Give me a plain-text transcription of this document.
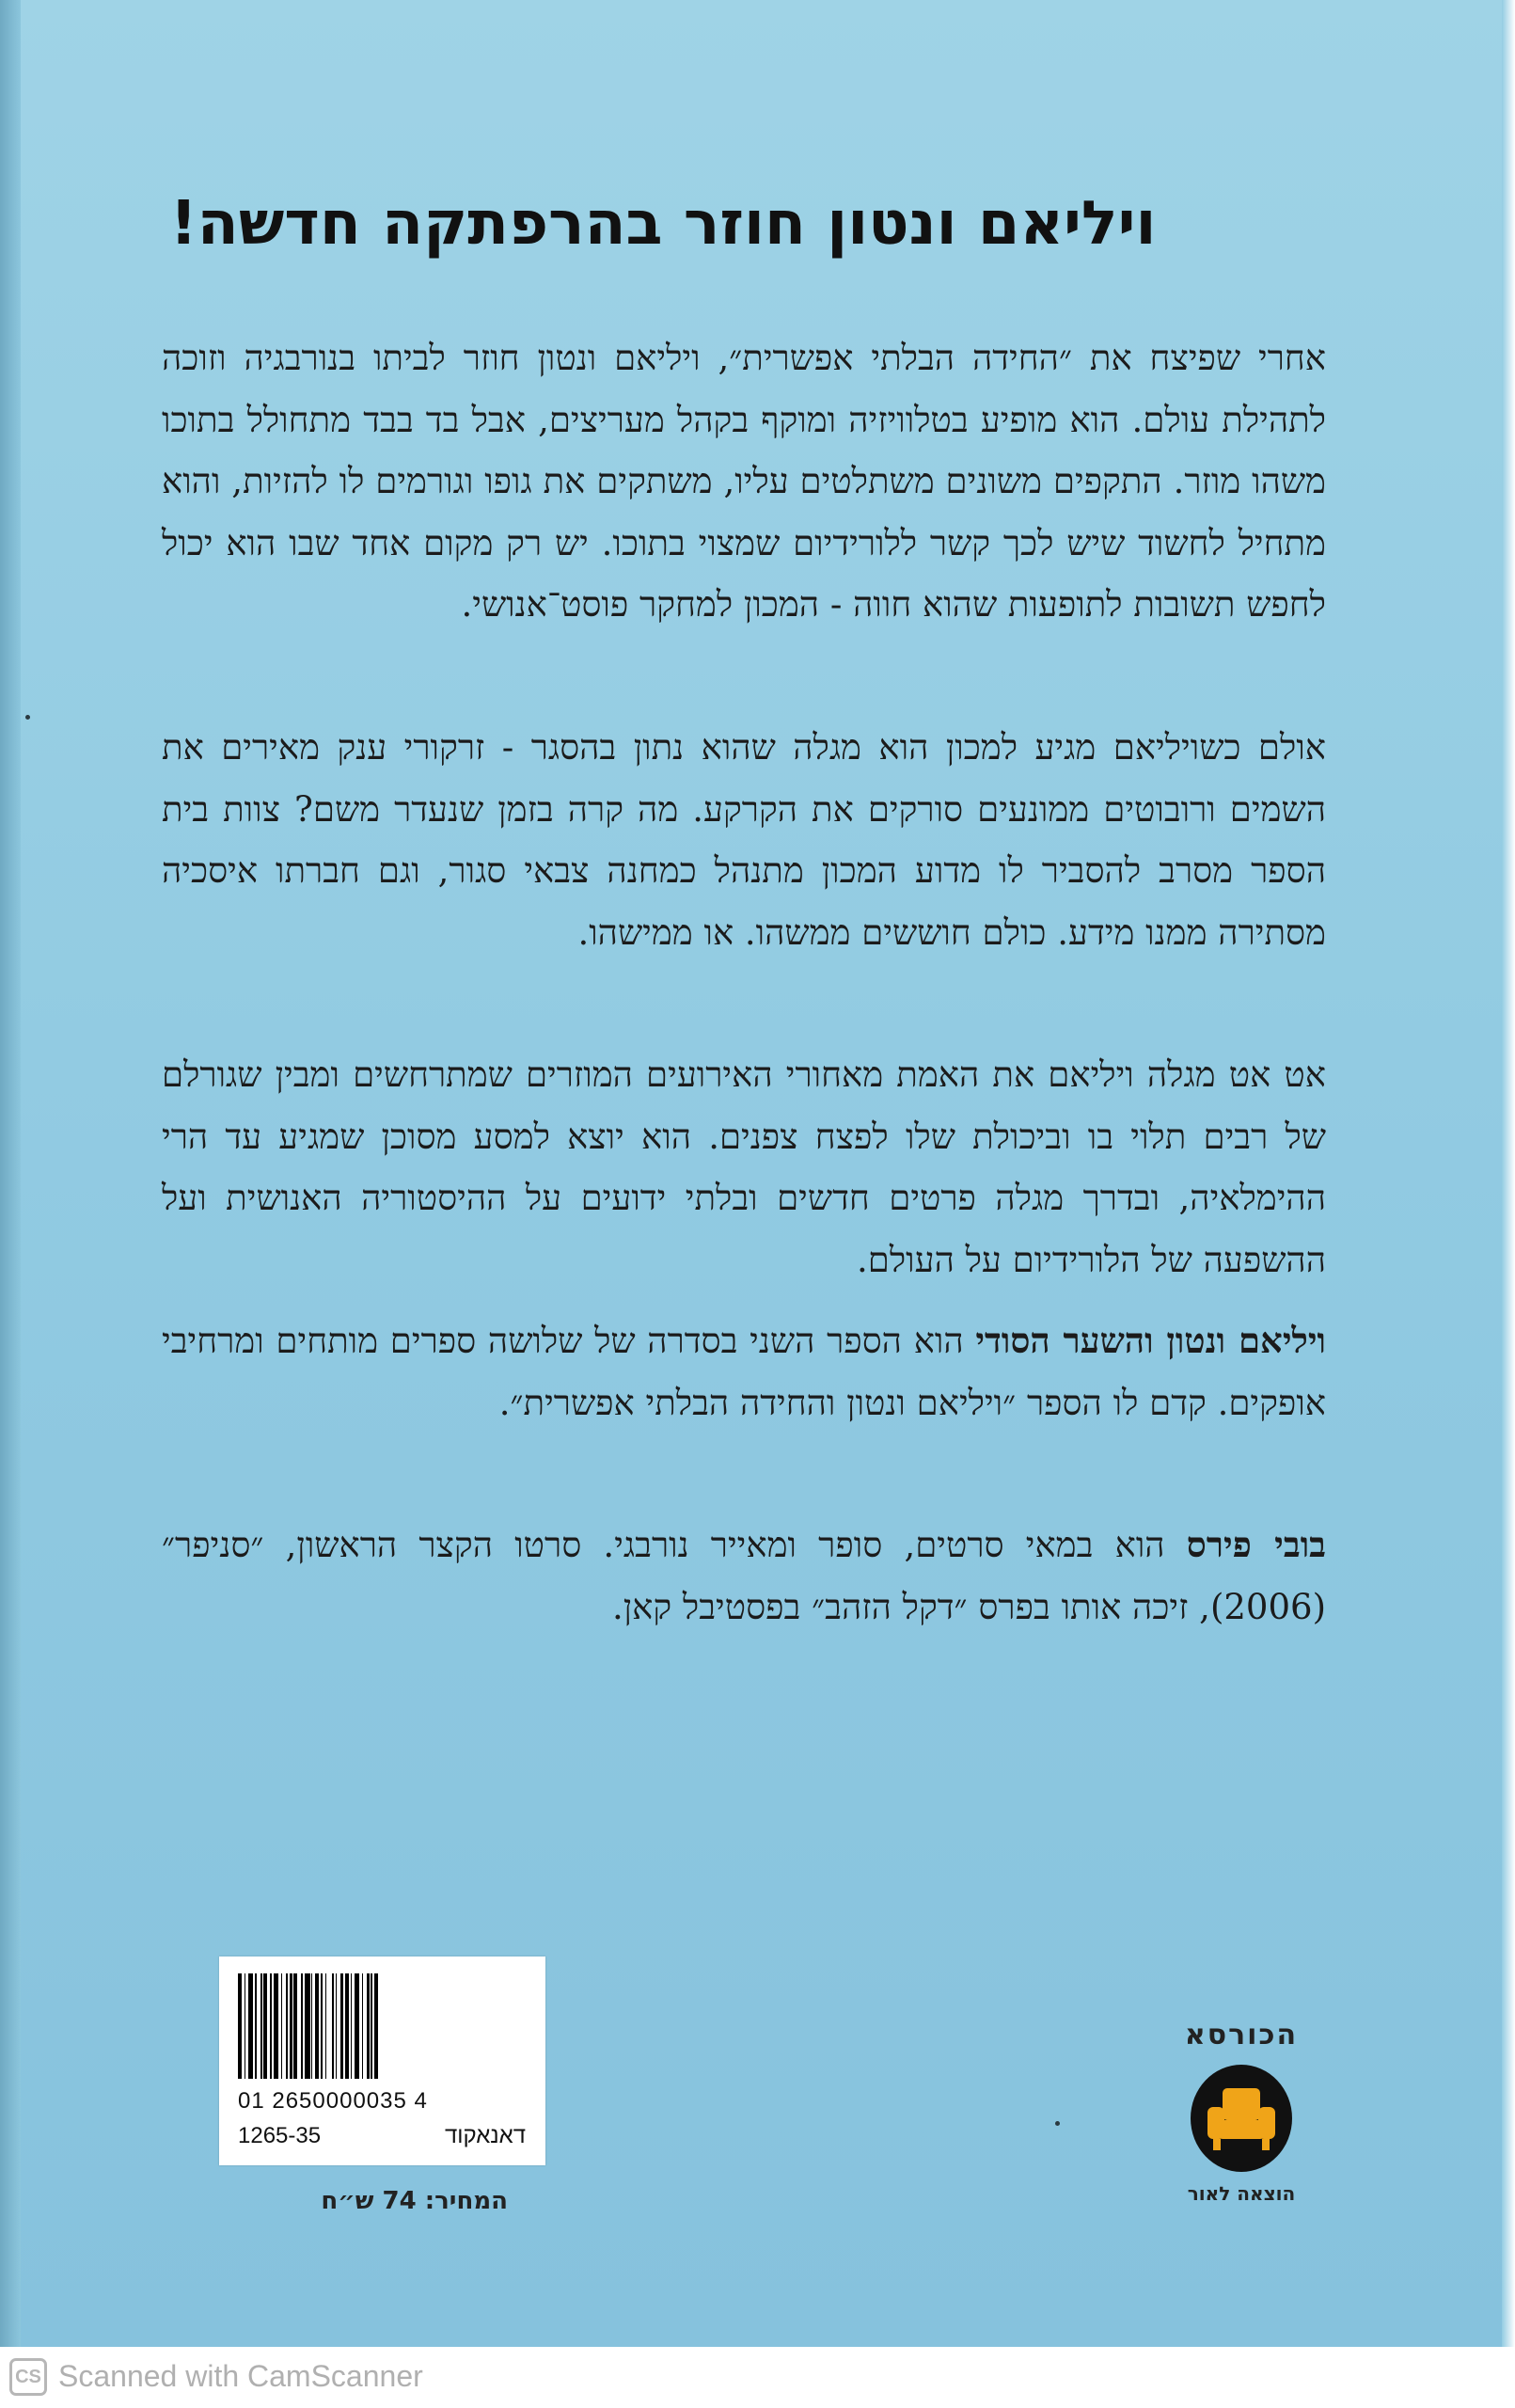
ויליאם ונטון חוזר בהרפתקה חדשה!

אחרי שפיצח את ״החידה הבלתי אפשרית״, ויליאם ונטון חוזר לביתו בנורבגיה וזוכה לתהילת עולם. הוא מופיע בטלוויזיה ומוקף בקהל מעריצים, אבל בד בבד מתחולל בתוכו משהו מוזר. התקפים משונים משתלטים עליו, משתקים את גופו וגורמים לו להזיות, והוא מתחיל לחשוד שיש לכך קשר ללורידיום שמצוי בתוכו. יש רק מקום אחד שבו הוא יכול לחפש תשובות לתופעות שהוא חווה - המכון למחקר פוסט־אנושי.

אולם כשויליאם מגיע למכון הוא מגלה שהוא נתון בהסגר - זרקורי ענק מאירים את השמים ורובוטים ממונעים סורקים את הקרקע. מה קרה בזמן שנעדר משם? צוות בית הספר מסרב להסביר לו מדוע המכון מתנהל כמחנה צבאי סגור, וגם חברתו איסכיה מסתירה ממנו מידע. כולם חוששים ממשהו. או ממישהו.

אט אט מגלה ויליאם את האמת מאחורי האירועים המוזרים שמתרחשים ומבין שגורלם של רבים תלוי בו וביכולת שלו לפצח צפנים. הוא יוצא למסע מסוכן שמגיע עד הרי ההימלאיה, ובדרך מגלה פרטים חדשים ובלתי ידועים על ההיסטוריה האנושית ועל ההשפעה של הלורידיום על העולם.

ויליאם ונטון והשער הסודי הוא הספר השני בסדרה של שלושה ספרים מותחים ומרחיבי אופקים. קדם לו הספר ״ויליאם ונטון והחידה הבלתי אפשרית״.

בובי פירס הוא במאי סרטים, סופר ומאייר נורבגי. סרטו הקצר הראשון, ״סניפר״ (2006), זיכה אותו בפרס ״דקל הזהב״ בפסטיבל קאן.

01 2650000035 4
1265-35	דאנאקוד
המחיר: 74 ש״ח
הכורסא
הוצאה לאור
CS Scanned with CamScanner
